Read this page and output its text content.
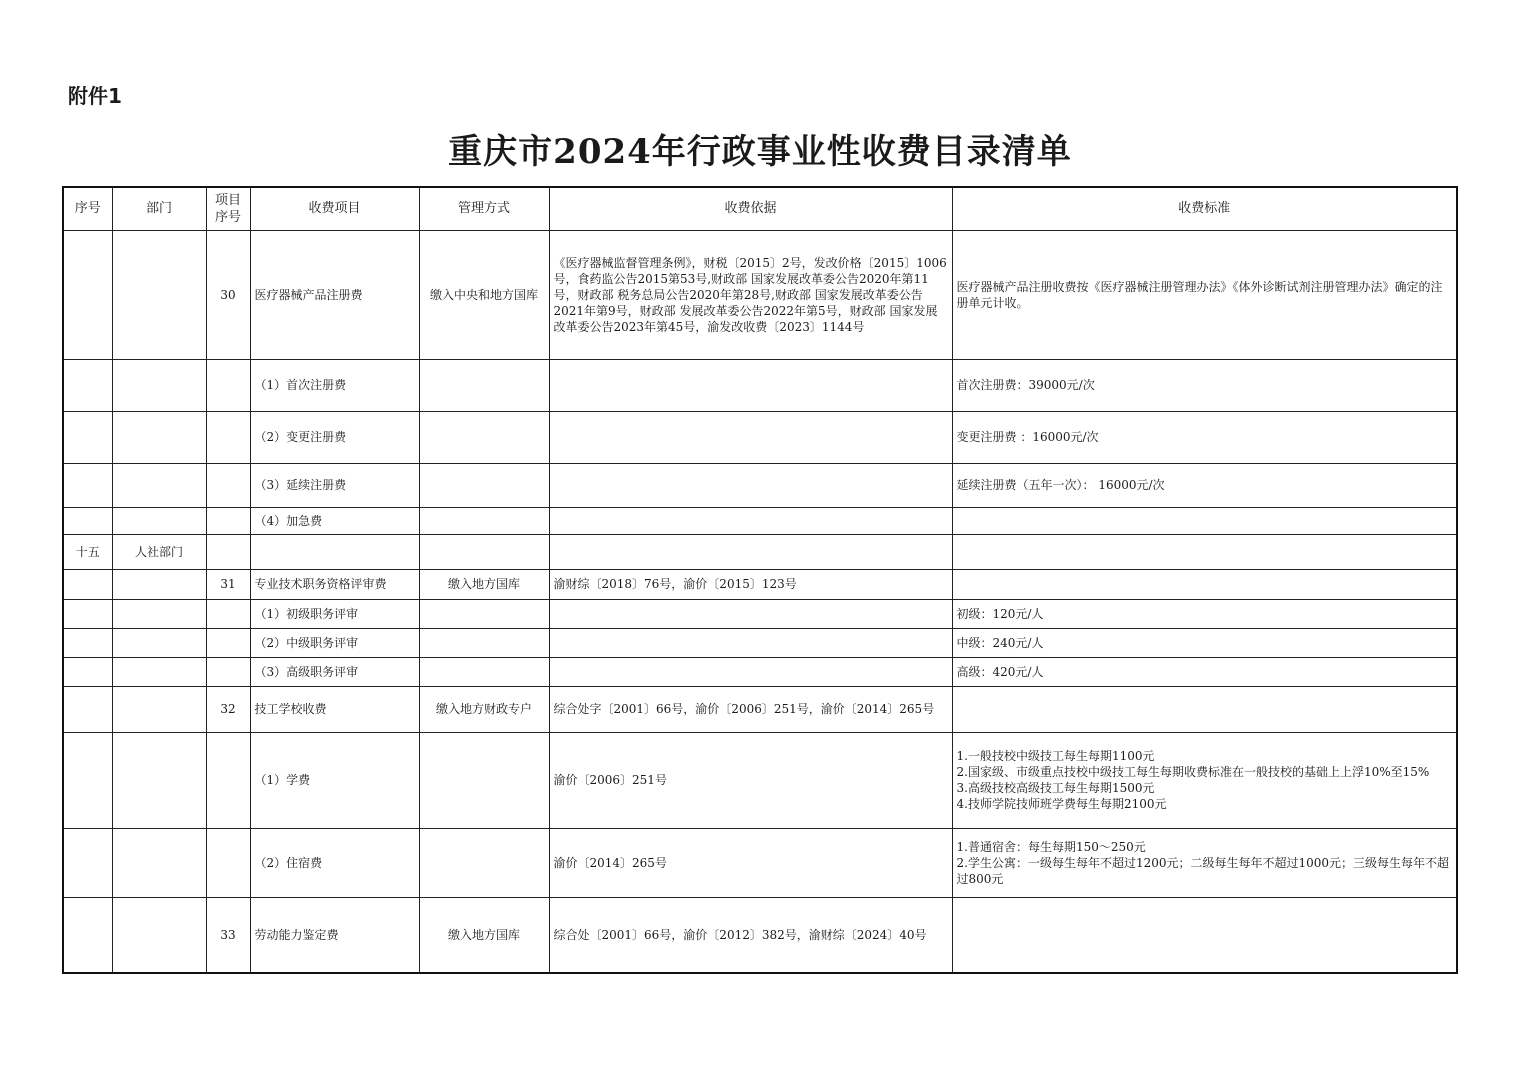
附件1
重庆市2024年行政事业性收费目录清单
序号	部门	项目序号	收费项目	管理方式	收费依据	收费标准
		30	医疗器械产品注册费	缴入中央和地方国库	《医疗器械监督管理条例》，财税〔2015〕2号，发改价格〔2015〕1006号，食药监公告2015第53号,财政部 国家发展改革委公告2020年第11号，财政部 税务总局公告2020年第28号,财政部 国家发展改革委公告2021年第9号，财政部 发展改革委公告2022年第5号，财政部 国家发展改革委公告2023年第45号，渝发改收费〔2023〕1144号	医疗器械产品注册收费按《医疗器械注册管理办法》《体外诊断试剂注册管理办法》确定的注册单元计收。
			（1）首次注册费			首次注册费：39000元/次
			（2）变更注册费			变更注册费 ：16000元/次
			（3）延续注册费			延续注册费（五年一次）： 16000元/次
			（4）加急费			
十五	人社部门					
		31	专业技术职务资格评审费	缴入地方国库	渝财综〔2018〕76号，渝价〔2015〕123号	
			（1）初级职务评审			初级：120元/人
			（2）中级职务评审			中级：240元/人
			（3）高级职务评审			高级：420元/人
		32	技工学校收费	缴入地方财政专户	综合处字〔2001〕66号，渝价〔2006〕251号，渝价〔2014〕265号	
			（1）学费		渝价〔2006〕251号	1.一般技校中级技工每生每期1100元
2.国家级、市级重点技校中级技工每生每期收费标准在一般技校的基础上上浮10%至15%
3.高级技校高级技工每生每期1500元
4.技师学院技师班学费每生每期2100元
			（2）住宿费		渝价〔2014〕265号	1.普通宿舍：每生每期150～250元
2.学生公寓：一级每生每年不超过1200元；二级每生每年不超过1000元；三级每生每年不超过800元
		33	劳动能力鉴定费	缴入地方国库	综合处〔2001〕66号，渝价〔2012〕382号，渝财综〔2024〕40号	
